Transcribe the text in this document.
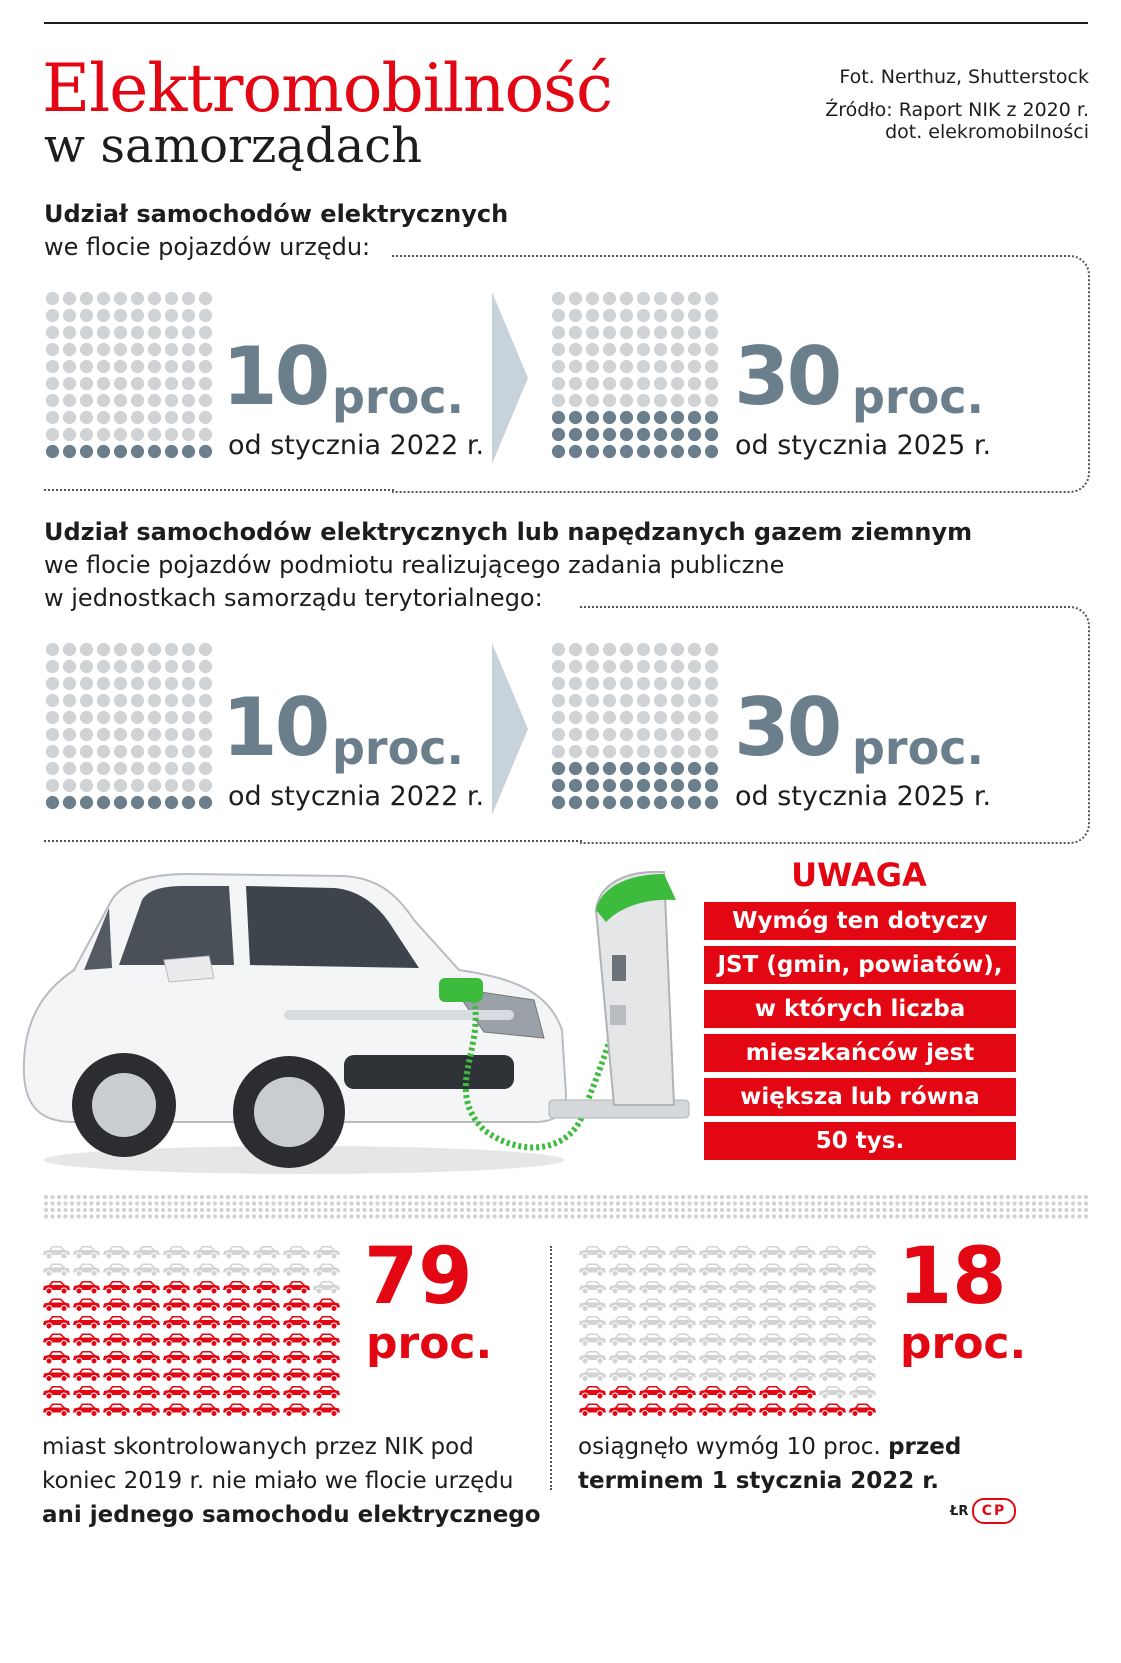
Elektromobilność
w samorządach
Fot. Nerthuz, Shutterstock
Źródło: Raport NIK z 2020 r.
dot. elekromobilności
Udział samochodów elektrycznych
we flocie pojazdów urzędu:
10 proc.
od stycznia 2022 r.
30 proc.
od stycznia 2025 r.
Udział samochodów elektrycznych lub napędzanych gazem ziemnym
we flocie pojazdów podmiotu realizującego zadania publiczne
w jednostkach samorządu terytorialnego:
10 proc.
od stycznia 2022 r.
30 proc.
od stycznia 2025 r.
UWAGA
Wymóg ten dotyczy
JST (gmin, powiatów),
w których liczba
mieszkańców jest
większa lub równa
50 tys.
79
proc.
18
proc.
miast skontrolowanych przez NIK pod
koniec 2019 r. nie miało we flocie urzędu
ani jednego samochodu elektrycznego
osiągnęło wymóg 10 proc. przed
terminem 1 stycznia 2022 r.
ŁR CP
